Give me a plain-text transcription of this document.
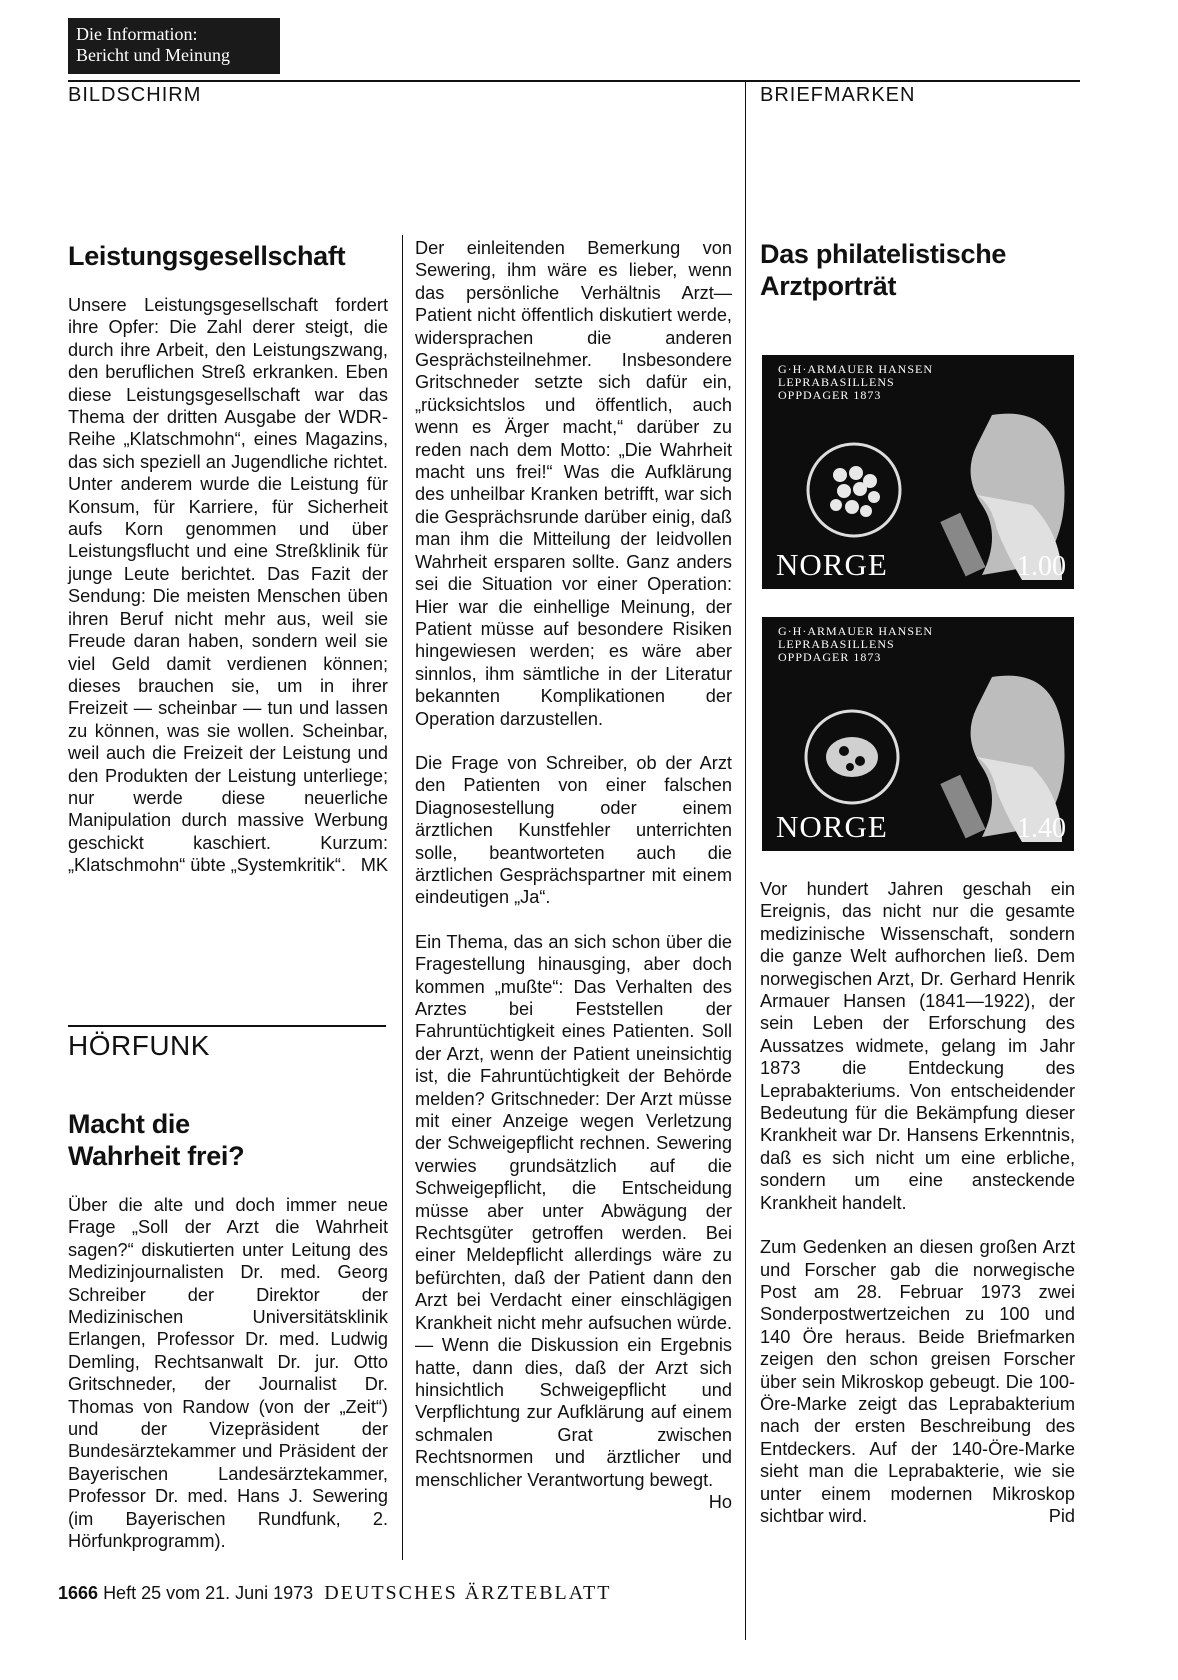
Die Information:
Bericht und Meinung
BILDSCHIRM	BRIEFMARKEN
Leistungsgesellschaft

Unsere Leistungsgesellschaft fordert ihre Opfer: Die Zahl derer steigt, die durch ihre Arbeit, den Leistungszwang, den beruflichen Streß erkranken. Eben diese Leistungsgesellschaft war das Thema der dritten Ausgabe der WDR-Reihe „Klatschmohn“, eines Magazins, das sich speziell an Jugendliche richtet. Unter anderem wurde die Leistung für Konsum, für Karriere, für Sicherheit aufs Korn genommen und über Leistungsflucht und eine Streßklinik für junge Leute berichtet. Das Fazit der Sendung: Die meisten Menschen üben ihren Beruf nicht mehr aus, weil sie Freude daran haben, sondern weil sie viel Geld damit verdienen können; dieses brauchen sie, um in ihrer Freizeit — scheinbar — tun und lassen zu können, was sie wollen. Scheinbar, weil auch die Freizeit der Leistung und den Produkten der Leistung unterliege; nur werde diese neuerliche Manipulation durch massive Werbung geschickt kaschiert. Kurzum: „Klatschmohn“ übte „Systemkritik“. MK

HÖRFUNK
Macht die
Wahrheit frei?

Über die alte und doch immer neue Frage „Soll der Arzt die Wahrheit sagen?“ diskutierten unter Leitung des Medizinjournalisten Dr. med. Georg Schreiber der Direktor der Medizinischen Universitätsklinik Erlangen, Professor Dr. med. Ludwig Demling, Rechtsanwalt Dr. jur. Otto Gritschneder, der Journalist Dr. Thomas von Randow (von der „Zeit“) und der Vizepräsident der Bundesärztekammer und Präsident der Bayerischen Landesärztekammer, Professor Dr. med. Hans J. Sewering (im Bayerischen Rundfunk, 2. Hörfunkprogramm).

Der einleitenden Bemerkung von Sewering, ihm wäre es lieber, wenn das persönliche Verhältnis Arzt—Patient nicht öffentlich diskutiert werde, widersprachen die anderen Gesprächsteilnehmer. Insbesondere Gritschneder setzte sich dafür ein, „rücksichtslos und öffentlich, auch wenn es Ärger macht,“ darüber zu reden nach dem Motto: „Die Wahrheit macht uns frei!“ Was die Aufklärung des unheilbar Kranken betrifft, war sich die Gesprächsrunde darüber einig, daß man ihm die Mitteilung der leidvollen Wahrheit ersparen sollte. Ganz anders sei die Situation vor einer Operation: Hier war die einhellige Meinung, der Patient müsse auf besondere Risiken hingewiesen werden; es wäre aber sinnlos, ihm sämtliche in der Literatur bekannten Komplikationen der Operation darzustellen.

Die Frage von Schreiber, ob der Arzt den Patienten von einer falschen Diagnosestellung oder einem ärztlichen Kunstfehler unterrichten solle, beantworteten auch die ärztlichen Gesprächspartner mit einem eindeutigen „Ja“.

Ein Thema, das an sich schon über die Fragestellung hinausging, aber doch kommen „mußte“: Das Verhalten des Arztes bei Feststellen der Fahruntüchtigkeit eines Patienten. Soll der Arzt, wenn der Patient uneinsichtig ist, die Fahruntüchtigkeit der Behörde melden? Gritschneder: Der Arzt müsse mit einer Anzeige wegen Verletzung der Schweigepflicht rechnen. Sewering verwies grundsätzlich auf die Schweigepflicht, die Entscheidung müsse aber unter Abwägung der Rechtsgüter getroffen werden. Bei einer Meldepflicht allerdings wäre zu befürchten, daß der Patient dann den Arzt bei Verdacht einer einschlägigen Krankheit nicht mehr aufsuchen würde. — Wenn die Diskussion ein Ergebnis hatte, dann dies, daß der Arzt sich hinsichtlich Schweigepflicht und Verpflichtung zur Aufklärung auf einem schmalen Grat zwischen Rechtsnormen und ärztlicher und menschlicher Verantwortung bewegt.
Ho

Das philatelistische
Arztporträt
G·H·ARMAUER HANSEN
LEPRABASILLENS
OPPDAGER 1873
NORGE	1.00
G·H·ARMAUER HANSEN
LEPRABASILLENS
OPPDAGER 1873
NORGE	1.40

Vor hundert Jahren geschah ein Ereignis, das nicht nur die gesamte medizinische Wissenschaft, sondern die ganze Welt aufhorchen ließ. Dem norwegischen Arzt, Dr. Gerhard Henrik Armauer Hansen (1841—1922), der sein Leben der Erforschung des Aussatzes widmete, gelang im Jahr 1873 die Entdeckung des Leprabakteriums. Von entscheidender Bedeutung für die Bekämpfung dieser Krankheit war Dr. Hansens Erkenntnis, daß es sich nicht um eine erbliche, sondern um eine ansteckende Krankheit handelt.

Zum Gedenken an diesen großen Arzt und Forscher gab die norwegische Post am 28. Februar 1973 zwei Sonderpostwertzeichen zu 100 und 140 Öre heraus. Beide Briefmarken zeigen den schon greisen Forscher über sein Mikroskop gebeugt. Die 100-Öre-Marke zeigt das Leprabakterium nach der ersten Beschreibung des Entdeckers. Auf der 140-Öre-Marke sieht man die Leprabakterie, wie sie unter einem modernen Mikroskop sichtbar wird.	Pid

1666 Heft 25 vom 21. Juni 1973 DEUTSCHES ÄRZTEBLATT
